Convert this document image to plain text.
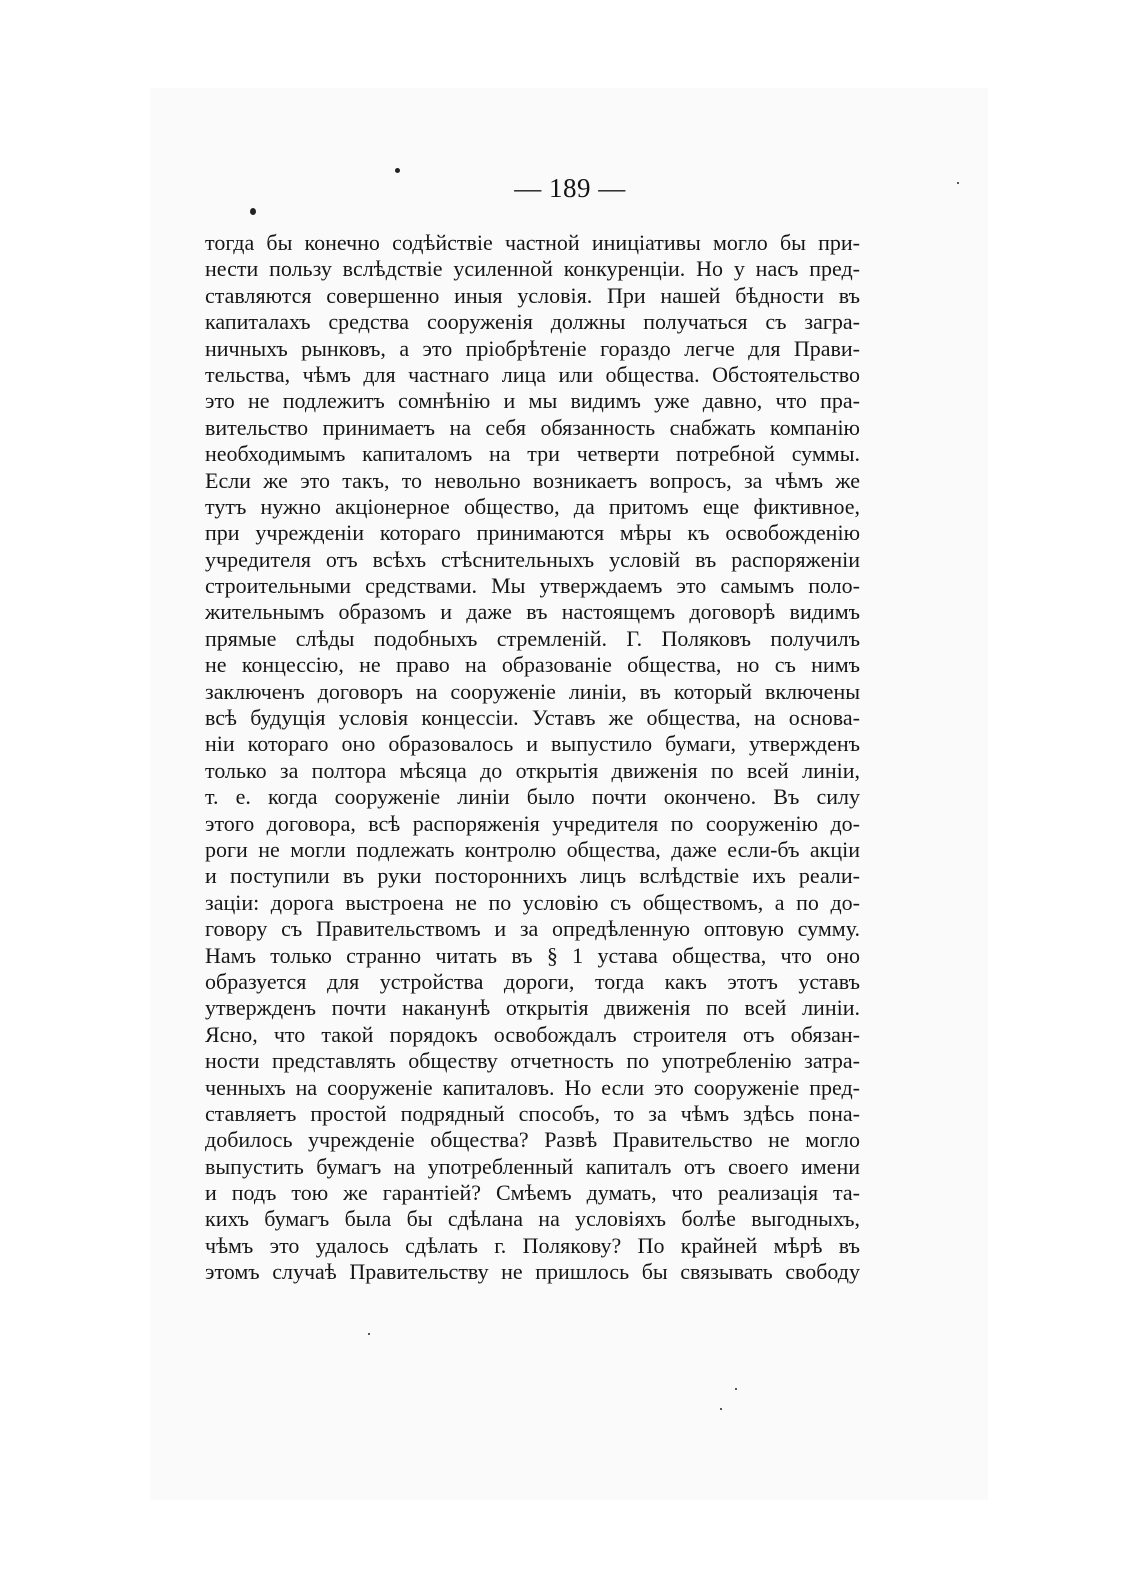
— 189 —
тогда бы конечно содѣйствіе частной иниціативы могло бы при-
нести пользу вслѣдствіе усиленной конкуренціи. Но у насъ пред-
ставляются совершенно иныя условія. При нашей бѣдности въ
капиталахъ средства сооруженія должны получаться съ загра-
ничныхъ рынковъ, а это пріобрѣтеніе гораздо легче для Прави-
тельства, чѣмъ для частнаго лица или общества. Обстоятельство
это не подлежитъ сомнѣнію и мы видимъ уже давно, что пра-
вительство принимаетъ на себя обязанность снабжать компанію
необходимымъ капиталомъ на три четверти потребной суммы.
Если же это такъ, то невольно возникаетъ вопросъ, за чѣмъ же
тутъ нужно акціонерное общество, да притомъ еще фиктивное,
при учрежденіи котораго принимаются мѣры къ освобожденію
учредителя отъ всѣхъ стѣснительныхъ условій въ распоряженіи
строительными средствами. Мы утверждаемъ это самымъ поло-
жительнымъ образомъ и даже въ настоящемъ договорѣ видимъ
прямые слѣды подобныхъ стремленій. Г. Поляковъ получилъ
не концессію, не право на образованіе общества, но съ нимъ
заключенъ договоръ на сооруженіе линіи, въ который включены
всѣ будущія условія концессіи. Уставъ же общества, на основа-
ніи котораго оно образовалось и выпустило бумаги, утвержденъ
только за полтора мѣсяца до открытія движенія по всей линіи,
т. е. когда сооруженіе линіи было почти окончено. Въ силу
этого договора, всѣ распоряженія учредителя по сооруженію до-
роги не могли подлежать контролю общества, даже если-бъ акціи
и поступили въ руки постороннихъ лицъ вслѣдствіе ихъ реали-
заціи: дорога выстроена не по условію съ обществомъ, а по до-
говору съ Правительствомъ и за опредѣленную оптовую сумму.
Намъ только странно читать въ § 1 устава общества, что оно
образуется для устройства дороги, тогда какъ этотъ уставъ
утвержденъ почти наканунѣ открытія движенія по всей линіи.
Ясно, что такой порядокъ освобождалъ строителя отъ обязан-
ности представлять обществу отчетность по употребленію затра-
ченныхъ на сооруженіе капиталовъ. Но если это сооруженіе пред-
ставляетъ простой подрядный способъ, то за чѣмъ здѣсь пона-
добилось учрежденіе общества? Развѣ Правительство не могло
выпустить бумагъ на употребленный капиталъ отъ своего имени
и подъ тою же гарантіей? Смѣемъ думать, что реализація та-
кихъ бумагъ была бы сдѣлана на условіяхъ болѣе выгодныхъ,
чѣмъ это удалось сдѣлать г. Полякову? По крайней мѣрѣ въ
этомъ случаѣ Правительству не пришлось бы связывать свободу
